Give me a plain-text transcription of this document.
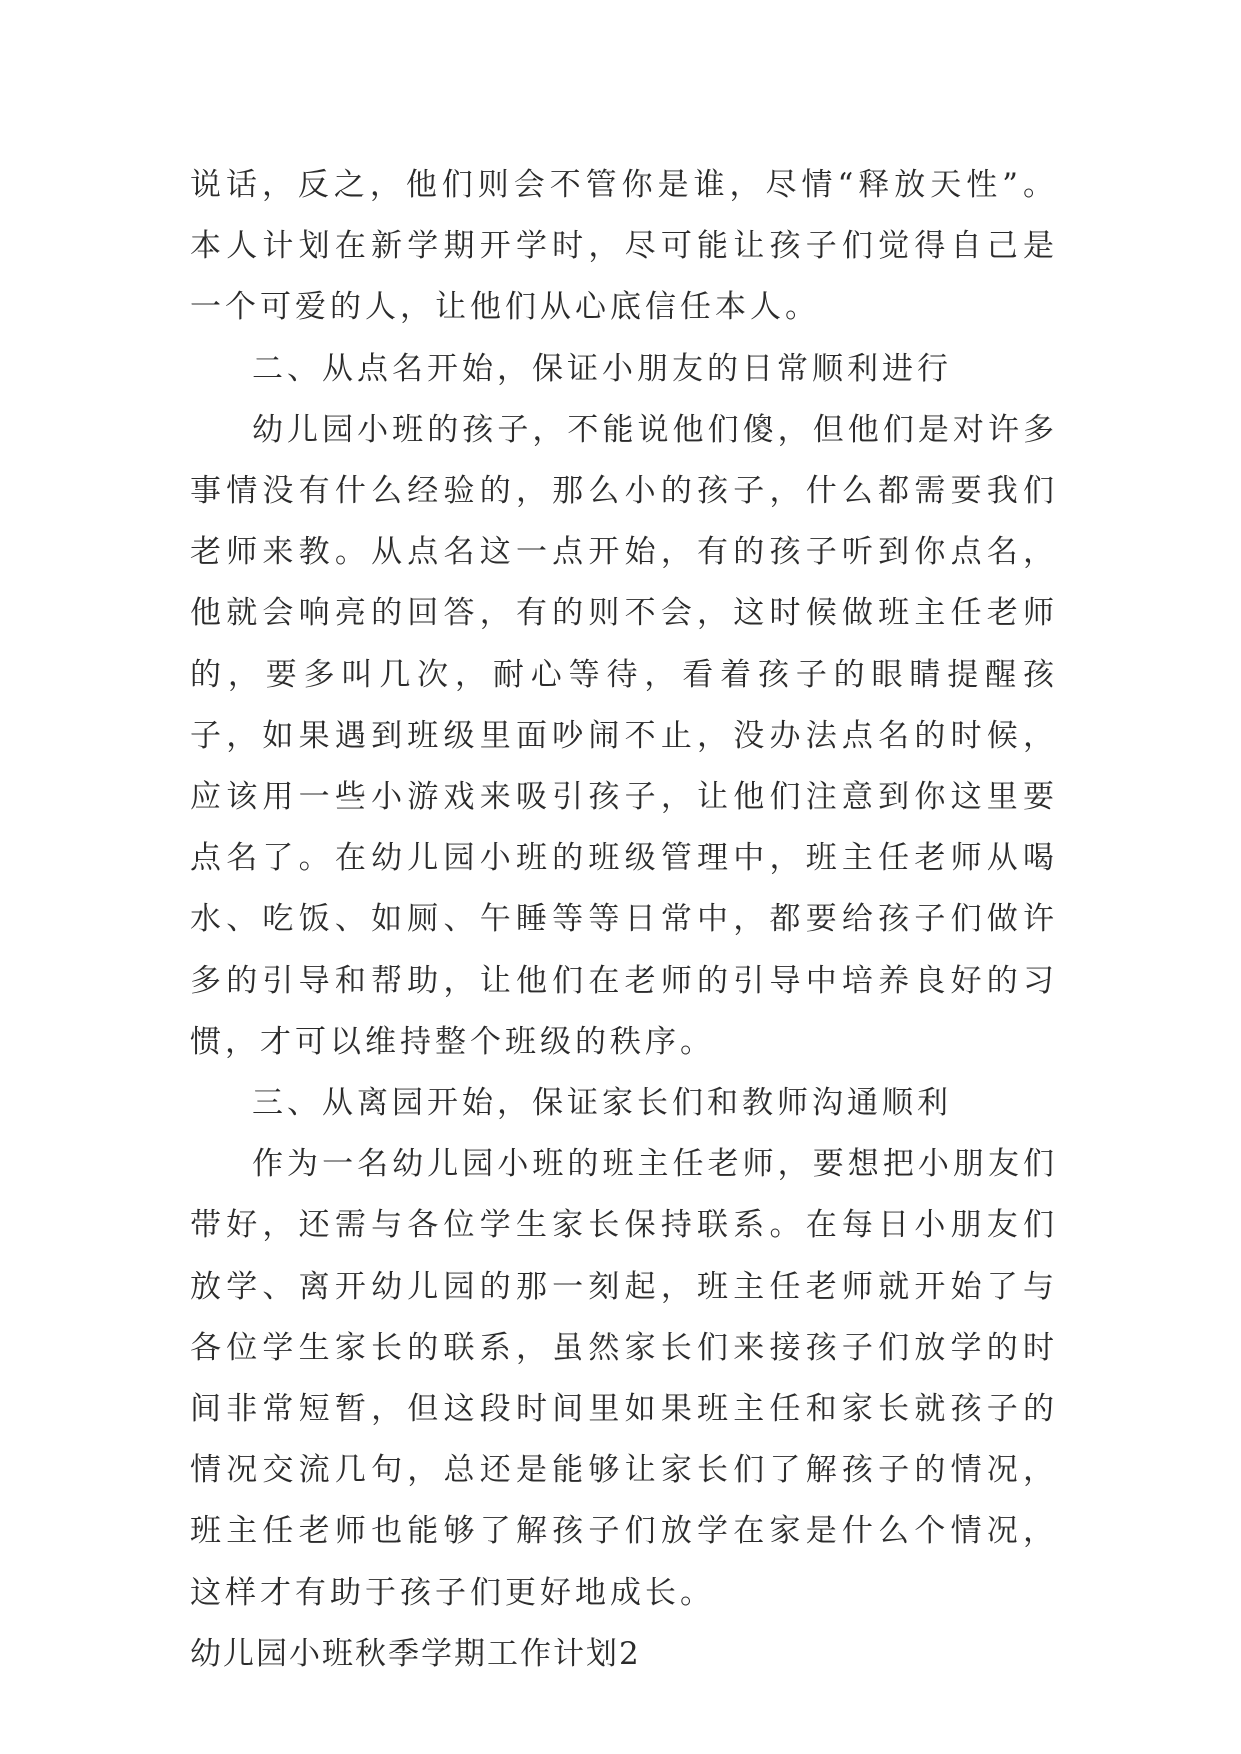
说话，反之，他们则会不管你是谁，尽情“释放天性”。本人计划在新学期开学时，尽可能让孩子们觉得自己是一个可爱的人，让他们从心底信任本人。

二、从点名开始，保证小朋友的日常顺利进行

幼儿园小班的孩子，不能说他们傻，但他们是对许多事情没有什么经验的，那么小的孩子，什么都需要我们老师来教。从点名这一点开始，有的孩子听到你点名，他就会响亮的回答，有的则不会，这时候做班主任老师的，要多叫几次，耐心等待，看着孩子的眼睛提醒孩子，如果遇到班级里面吵闹不止，没办法点名的时候，应该用一些小游戏来吸引孩子，让他们注意到你这里要点名了。在幼儿园小班的班级管理中，班主任老师从喝水、吃饭、如厕、午睡等等日常中，都要给孩子们做许多的引导和帮助，让他们在老师的引导中培养良好的习惯，才可以维持整个班级的秩序。

三、从离园开始，保证家长们和教师沟通顺利

作为一名幼儿园小班的班主任老师，要想把小朋友们带好，还需与各位学生家长保持联系。在每日小朋友们放学、离开幼儿园的那一刻起，班主任老师就开始了与各位学生家长的联系，虽然家长们来接孩子们放学的时间非常短暂，但这段时间里如果班主任和家长就孩子的情况交流几句，总还是能够让家长们了解孩子的情况，班主任老师也能够了解孩子们放学在家是什么个情况，这样才有助于孩子们更好地成长。

幼儿园小班秋季学期工作计划2
